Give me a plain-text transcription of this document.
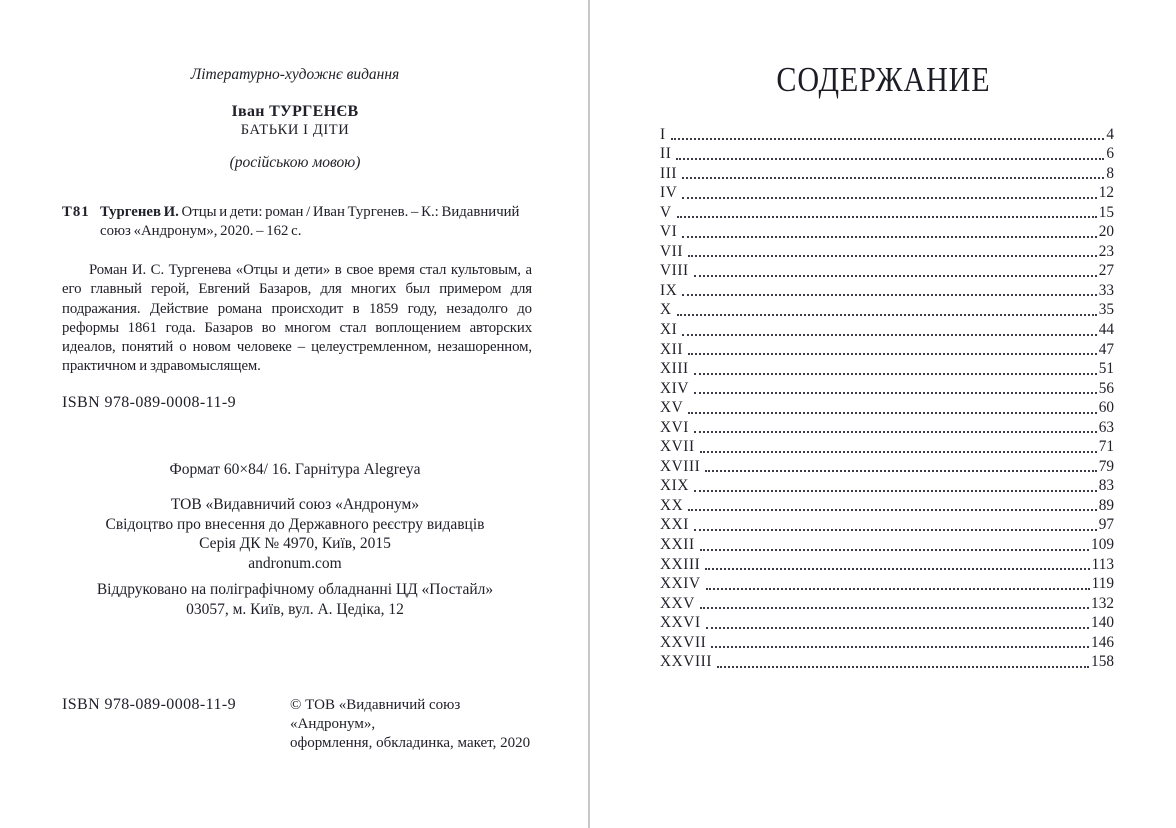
Літературно-художнє видання
Іван ТУРГЕНЄВ
БАТЬКИ І ДІТИ
(російською мовою)
Т81 Тургенев И. Отцы и дети: роман / Иван Тургенев. – К.: Видавничий союз «Андронум», 2020. – 162 с.
Роман И. С. Тургенева «Отцы и дети» в свое время стал культовым, а его главный герой, Евгений Базаров, для многих был примером для подражания. Действие романа происходит в 1859 году, незадолго до реформы 1861 года. Базаров во многом стал воплощением авторских идеалов, понятий о новом человеке – целеустремленном, незашоренном, практичном и здравомыслящем.
ISBN 978-089-0008-11-9
Формат 60×84/ 16. Гарнітура Alegreya
ТОВ «Видавничий союз «Андронум»
Свідоцтво про внесення до Державного реєстру видавців
Серія ДК № 4970, Київ, 2015
andronum.com
Віддруковано на поліграфічному обладнанні ЦД «Постайл»
03057, м. Київ, вул. А. Цедіка, 12
ISBN 978-089-0008-11-9	© ТОВ «Видавничий союз «Андронум»,
оформлення, обкладинка, макет, 2020
СОДЕРЖАНИЕ
I	4
II	6
III	8
IV	12
V	15
VI	20
VII	23
VIII	27
IX	33
X	35
XI	44
XII	47
XIII	51
XIV	56
XV	60
XVI	63
XVII	71
XVIII	79
XIX	83
XX	89
XXI	97
XXII	109
XXIII	113
XXIV	119
XXV	132
XXVI	140
XXVII	146
XXVIII	158
